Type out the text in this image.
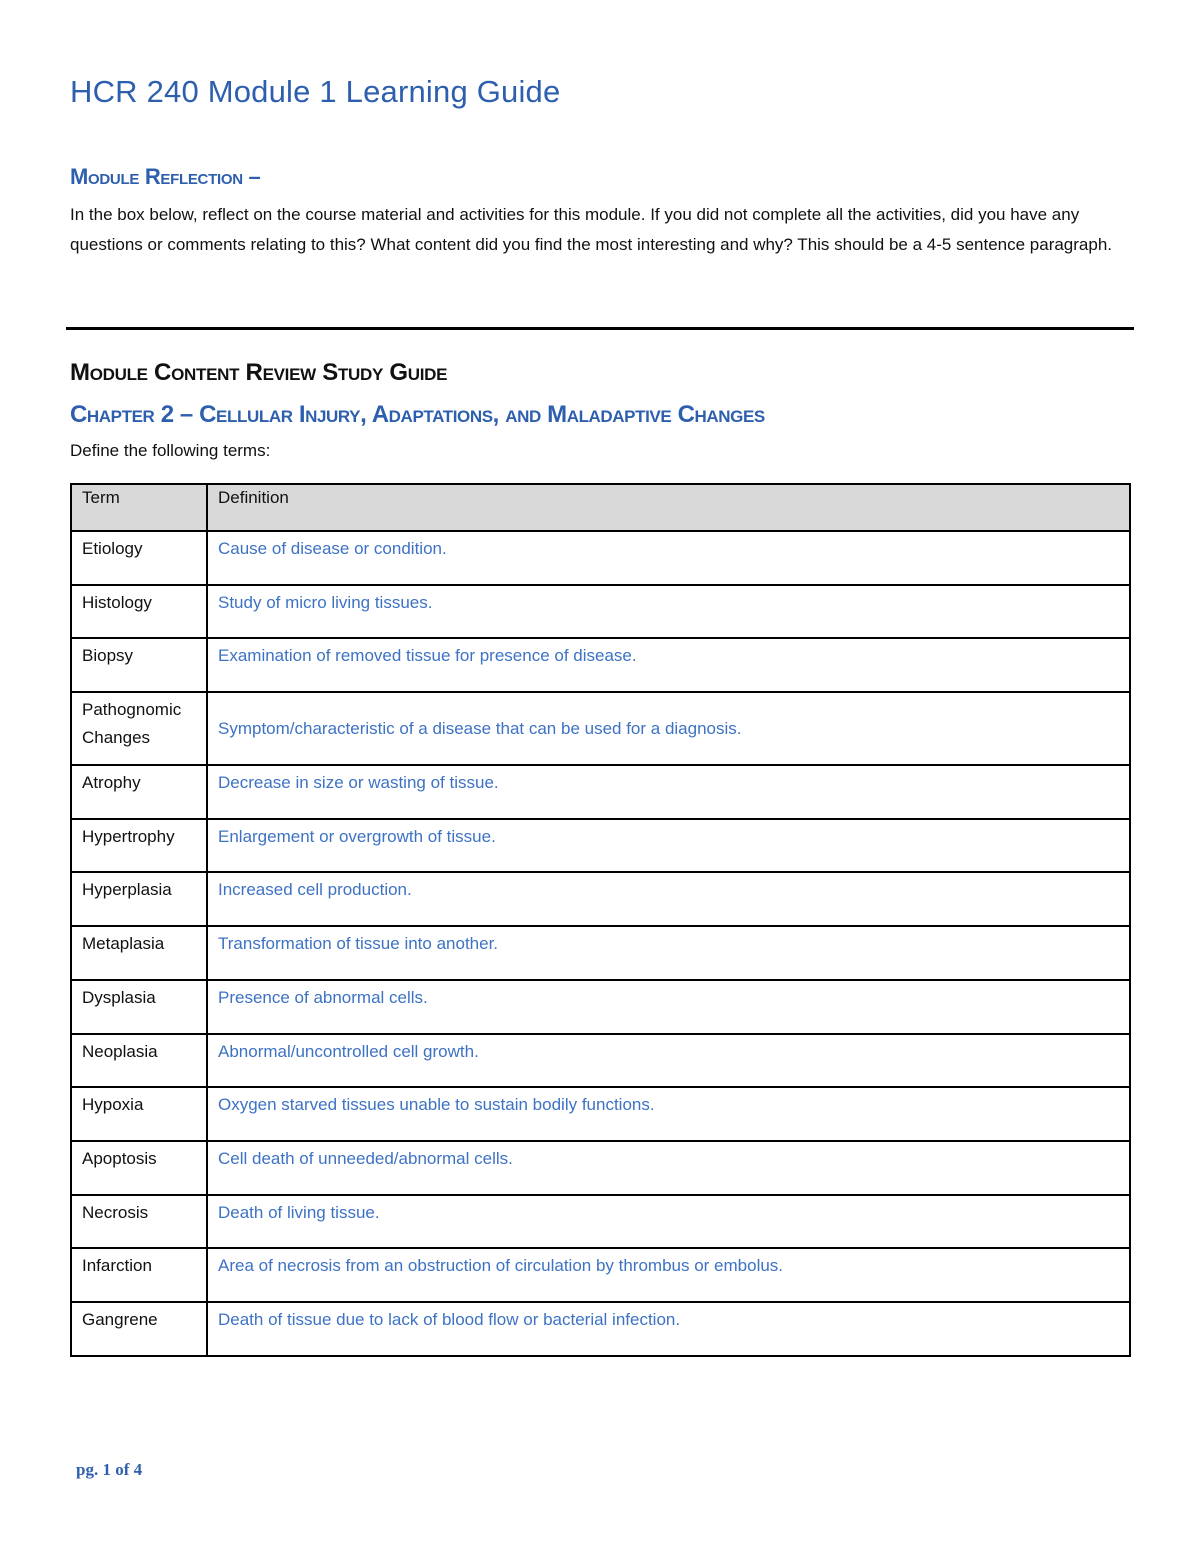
HCR 240 Module 1 Learning Guide
Module Reflection –

In the box below, reflect on the course material and activities for this module. If you did not complete all the activities, did you have any questions or comments relating to this? What content did you find the most interesting and why? This should be a 4-5 sentence paragraph.

Module Content Review Study Guide
Chapter 2 – Cellular Injury, Adaptations, and Maladaptive Changes

Define the following terms:

Term	Definition
Etiology	Cause of disease or condition.
Histology	Study of micro living tissues.
Biopsy	Examination of removed tissue for presence of disease.
Pathognomic Changes	Symptom/characteristic of a disease that can be used for a diagnosis.
Atrophy	Decrease in size or wasting of tissue.
Hypertrophy	Enlargement or overgrowth of tissue.
Hyperplasia	Increased cell production.
Metaplasia	Transformation of tissue into another.
Dysplasia	Presence of abnormal cells.
Neoplasia	Abnormal/uncontrolled cell growth.
Hypoxia	Oxygen starved tissues unable to sustain bodily functions.
Apoptosis	Cell death of unneeded/abnormal cells.
Necrosis	Death of living tissue.
Infarction	Area of necrosis from an obstruction of circulation by thrombus or embolus.
Gangrene	Death of tissue due to lack of blood flow or bacterial infection.
pg. 1 of 4
